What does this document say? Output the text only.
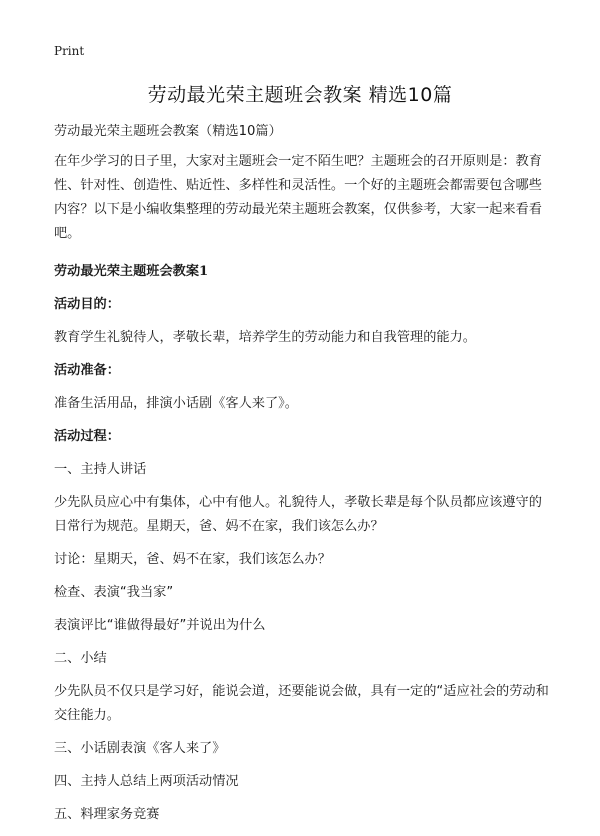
Print
劳动最光荣主题班会教案 精选10篇

劳动最光荣主题班会教案（精选10篇）

在年少学习的日子里，大家对主题班会一定不陌生吧？主题班会的召开原则是：教育性、针对性、创造性、贴近性、多样性和灵活性。一个好的主题班会都需要包含哪些内容？以下是小编收集整理的劳动最光荣主题班会教案，仅供参考，大家一起来看看吧。

劳动最光荣主题班会教案1

活动目的：

教育学生礼貌待人，孝敬长辈，培养学生的劳动能力和自我管理的能力。

活动准备：

准备生活用品，排演小话剧《客人来了》。

活动过程：

一、主持人讲话

少先队员应心中有集体，心中有他人。礼貌待人，孝敬长辈是每个队员都应该遵守的日常行为规范。星期天，爸、妈不在家，我们该怎么办？

讨论：星期天，爸、妈不在家，我们该怎么办？

检查、表演“我当家”

表演评比“谁做得最好”并说出为什么

二、小结

少先队员不仅只是学习好，能说会道，还要能说会做，具有一定的“适应社会的劳动和交往能力。

三、小话剧表演《客人来了》

四、主持人总结上两项活动情况

五、料理家务竞赛
